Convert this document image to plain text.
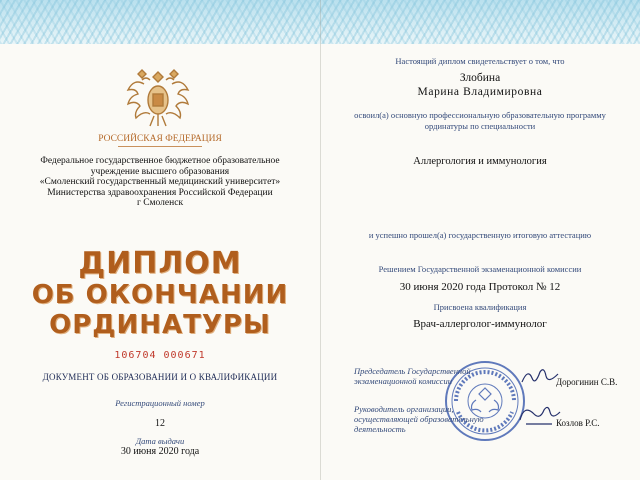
РОССИЙСКАЯ ФЕДЕРАЦИЯ
Федеральное государственное бюджетное образовательное
учреждение высшего образования
«Смоленский государственный медицинский университет»
Министерства здравоохранения Российской Федерации
г Смоленск
ДИПЛОМ
ОБ ОКОНЧАНИИ
ОРДИНАТУРЫ
106704 000671
ДОКУМЕНТ ОБ ОБРАЗОВАНИИ И О КВАЛИФИКАЦИИ
Регистрационный номер
12
Дата выдачи
30 июня 2020 года
Настоящий диплом свидетельствует о том, что
Злобина
Марина Владимировна
освоил(а) основную профессиональную образовательную программу
ординатуры по специальности
Аллергология и иммунология
и успешно прошел(а) государственную итоговую аттестацию
Решением Государственной экзаменационной комиссии
30 июня 2020 года Протокол № 12
Присвоена квалификация
Врач-аллерголог-иммунолог
Председатель Государственной
экзаменационной комиссии	Дорогинин С.В.
Руководитель организации,
осуществляющей образовательную
деятельность
Козлов Р.С.
